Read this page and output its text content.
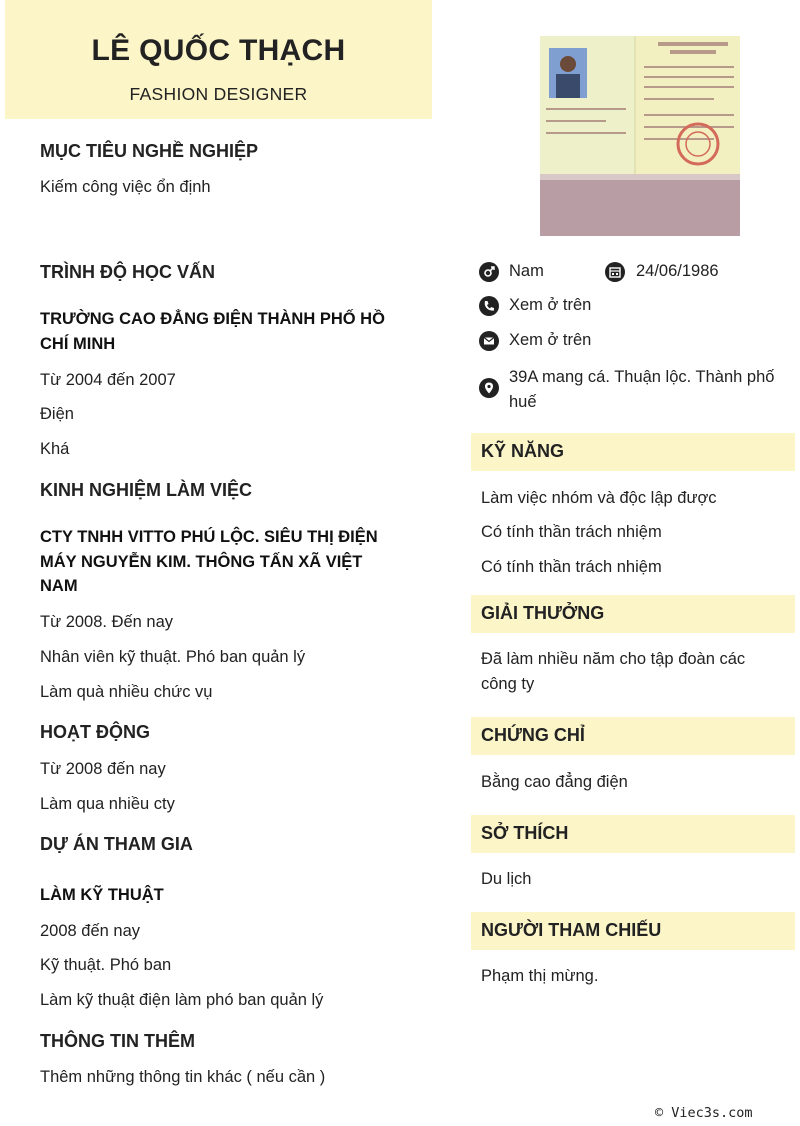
LÊ QUỐC THẠCH
FASHION DESIGNER
MỤC TIÊU NGHỀ NGHIỆP
Kiếm công việc ổn định
TRÌNH ĐỘ HỌC VẤN
TRƯỜNG CAO ĐẲNG ĐIỆN THÀNH PHỐ HỒ CHÍ MINH
Từ 2004 đến 2007
Điện
Khá
KINH NGHIỆM LÀM VIỆC
CTY TNHH VITTO PHÚ LỘC. SIÊU THỊ ĐIỆN MÁY NGUYỄN KIM. THÔNG TẤN XÃ VIỆT NAM
Từ 2008. Đến nay
Nhân viên kỹ thuật. Phó ban quản lý
Làm quà nhiều chức vụ
HOẠT ĐỘNG
Từ 2008 đến nay
Làm qua nhiều cty
DỰ ÁN THAM GIA
LÀM KỸ THUẬT
2008 đến nay
Kỹ thuật. Phó ban
Làm kỹ thuật điện làm phó ban quản lý
THÔNG TIN THÊM
Thêm những thông tin khác ( nếu cần )
Nam	24/06/1986
Xem ở trên
Xem ở trên
39A mang cá. Thuận lộc. Thành phố huế
KỸ NĂNG
Làm việc nhóm và độc lập được
Có tính thần trách nhiệm
Có tính thần trách nhiệm
GIẢI THƯỞNG
Đã làm nhiều năm cho tập đoàn các công ty
CHỨNG CHỈ
Bằng cao đẳng điện
SỞ THÍCH
Du lịch
NGƯỜI THAM CHIẾU
Phạm thị mừng.
© Viec3s.com
